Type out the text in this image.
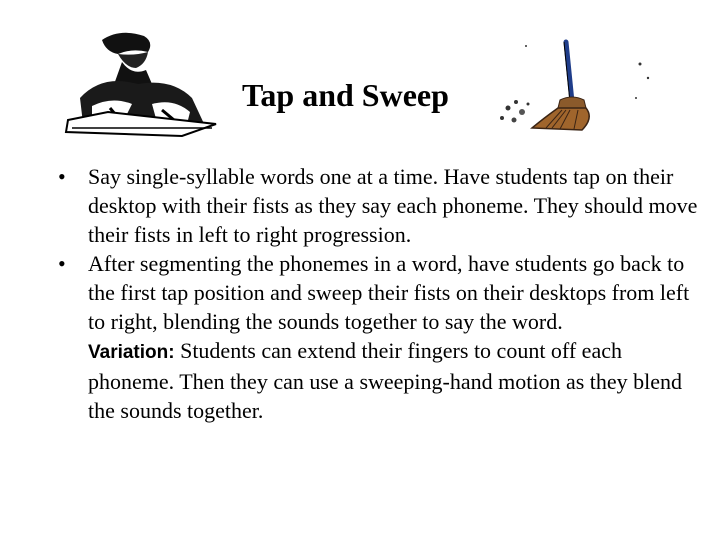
Tap and Sweep
• Say single-syllable words one at a time. Have students tap on their desktop with their fists as they say each phoneme. They should move their fists in left to right progression.
• After segmenting the phonemes in a word, have students go back to the first tap position and sweep their fists on their desktops from left to right, blending the sounds together to say the word.
Variation: Students can extend their fingers to count off each phoneme. Then they can use a sweeping-hand motion as they blend the sounds together.
